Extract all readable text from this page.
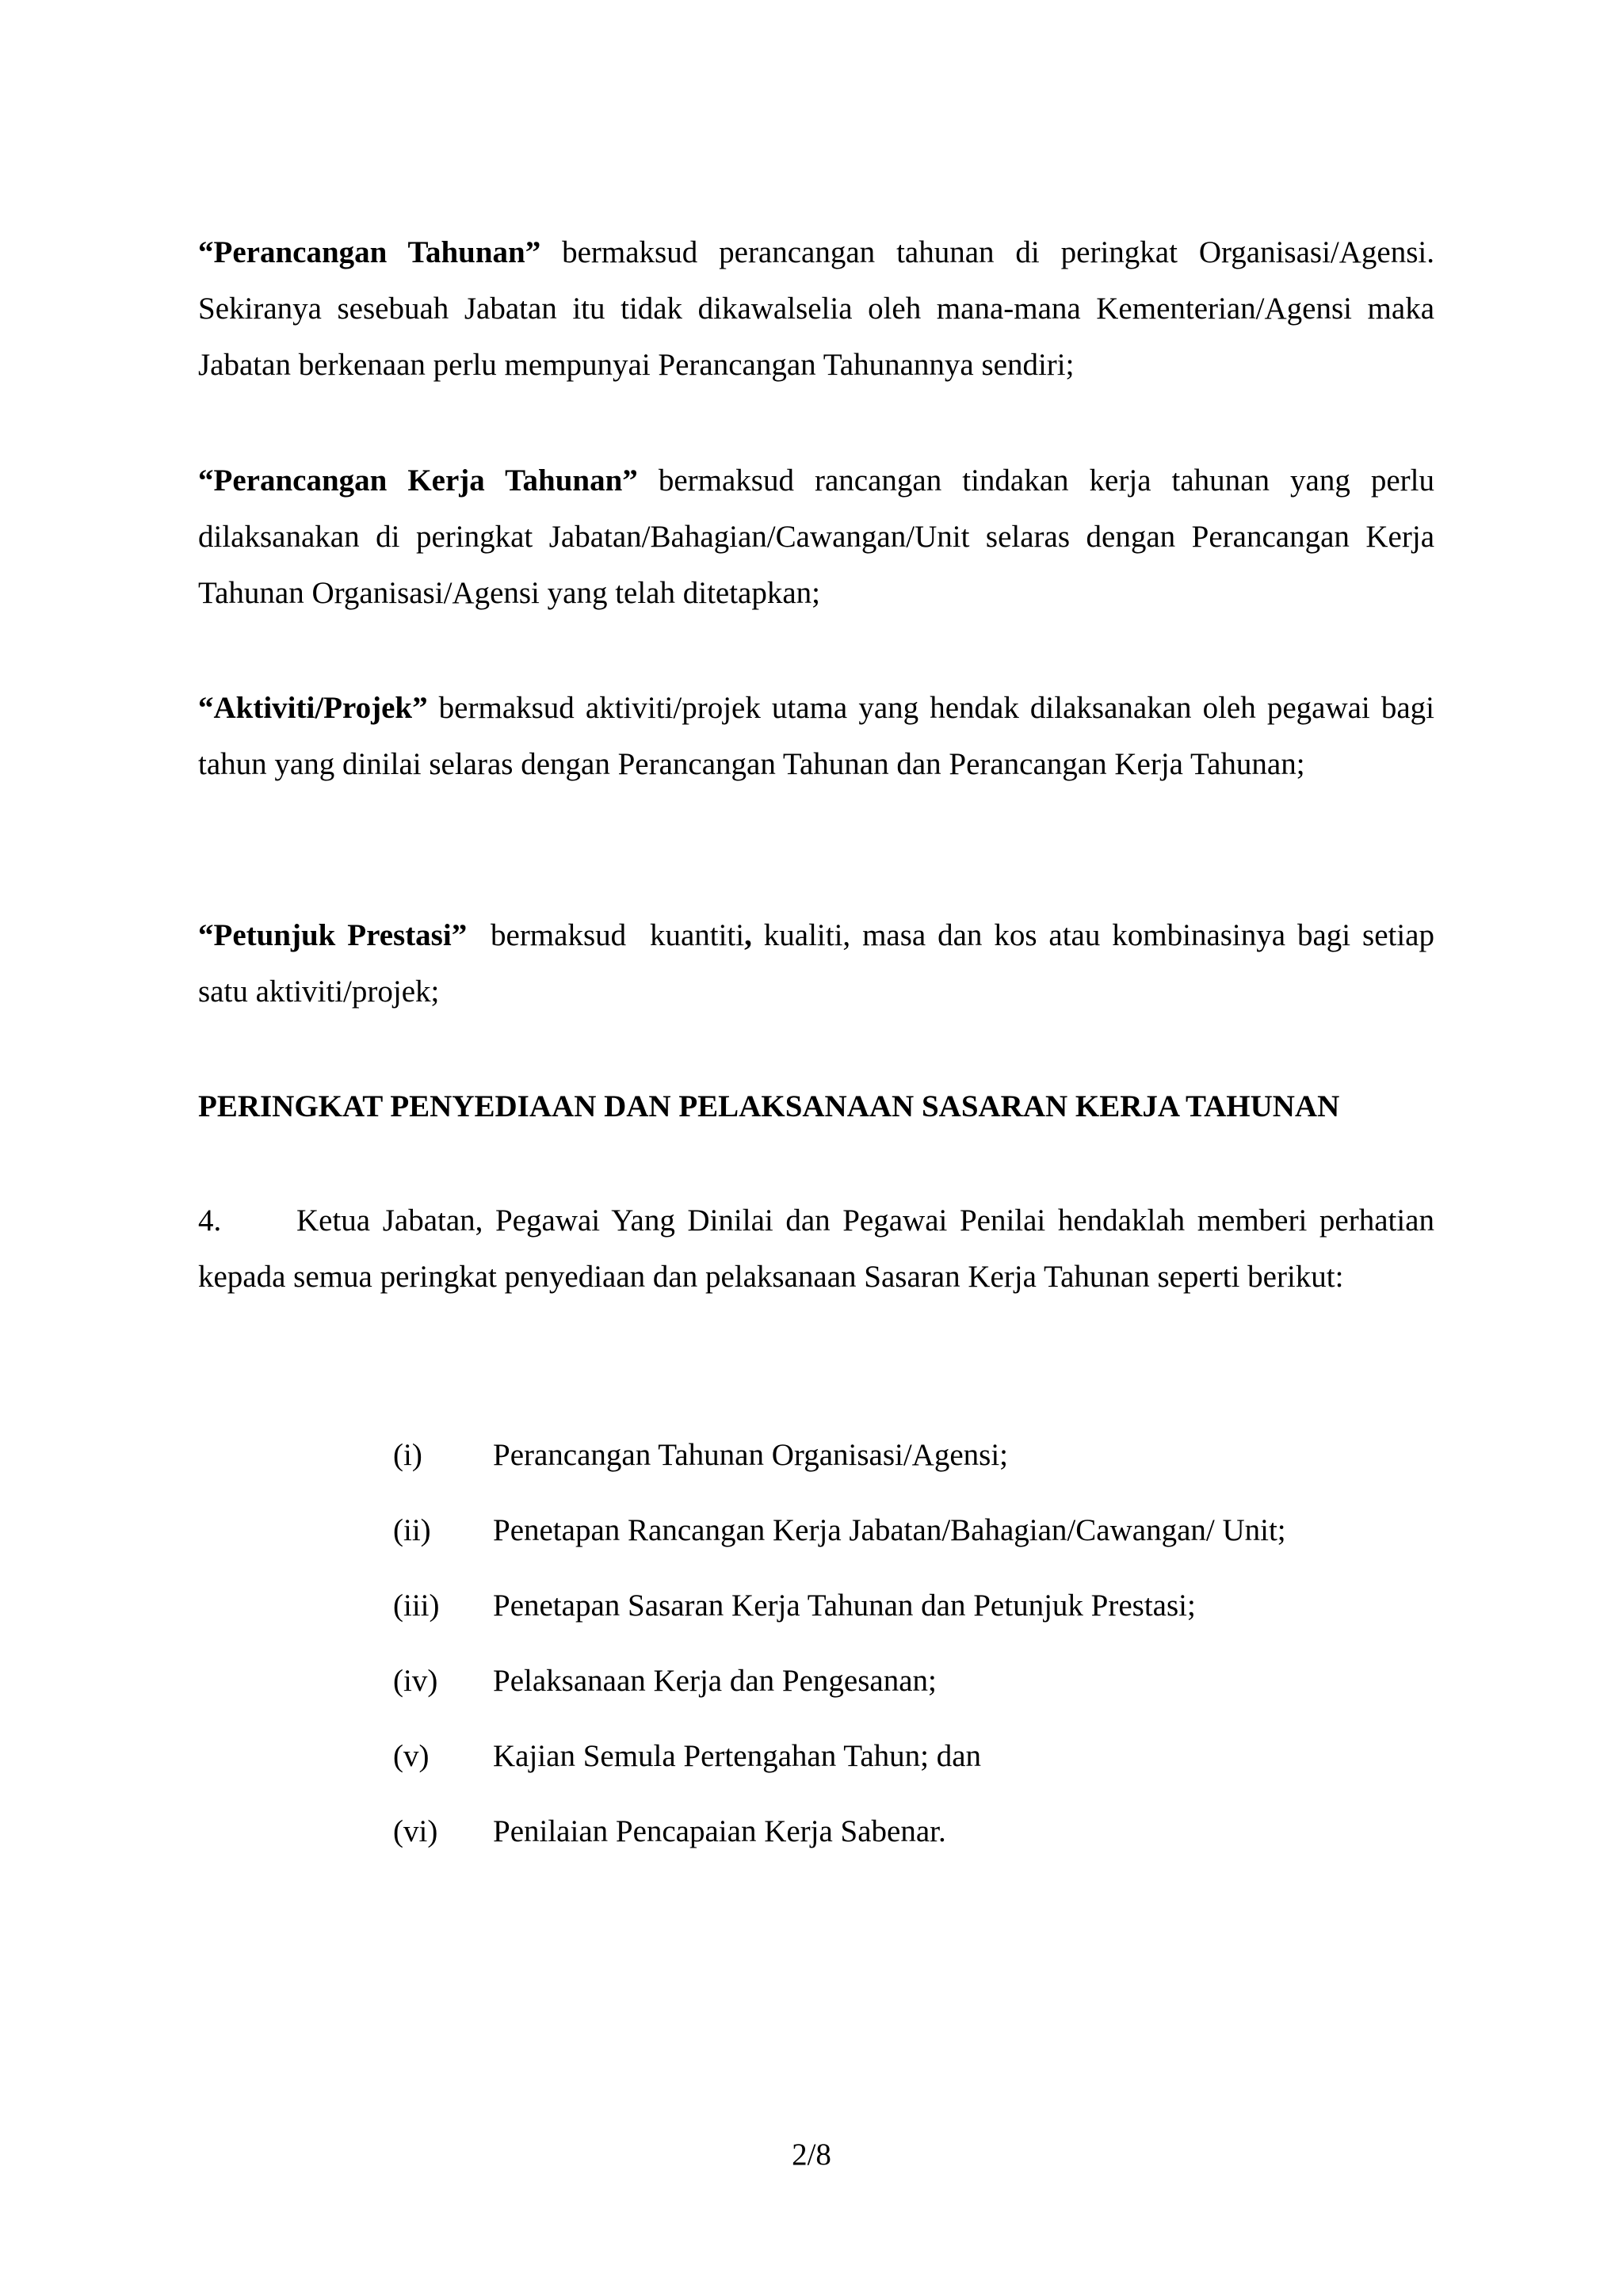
“Perancangan Tahunan” bermaksud perancangan tahunan di peringkat Organisasi/Agensi. Sekiranya sesebuah Jabatan itu tidak dikawalselia oleh mana-mana Kementerian/Agensi maka Jabatan berkenaan perlu mempunyai Perancangan Tahunannya sendiri;

“Perancangan Kerja Tahunan” bermaksud rancangan tindakan kerja tahunan yang perlu dilaksanakan di peringkat Jabatan/Bahagian/Cawangan/Unit selaras dengan Perancangan Kerja Tahunan Organisasi/Agensi yang telah ditetapkan;

“Aktiviti/Projek” bermaksud aktiviti/projek utama yang hendak dilaksanakan oleh pegawai bagi tahun yang dinilai selaras dengan Perancangan Tahunan dan Perancangan Kerja Tahunan;

“Petunjuk Prestasi”  bermaksud  kuantiti, kualiti, masa dan kos atau kombinasinya bagi setiap satu aktiviti/projek;

PERINGKAT PENYEDIAAN DAN PELAKSANAAN SASARAN KERJA TAHUNAN

4. Ketua Jabatan, Pegawai Yang Dinilai dan Pegawai Penilai hendaklah memberi perhatian kepada semua peringkat penyediaan dan pelaksanaan Sasaran Kerja Tahunan seperti berikut:

(i)	Perancangan Tahunan Organisasi/Agensi;
(ii)	Penetapan Rancangan Kerja Jabatan/Bahagian/Cawangan/ Unit;
(iii)	Penetapan Sasaran Kerja Tahunan dan Petunjuk Prestasi;
(iv)	Pelaksanaan Kerja dan Pengesanan;
(v)	Kajian Semula Pertengahan Tahun; dan
(vi)	Penilaian Pencapaian Kerja Sabenar.
2/8
